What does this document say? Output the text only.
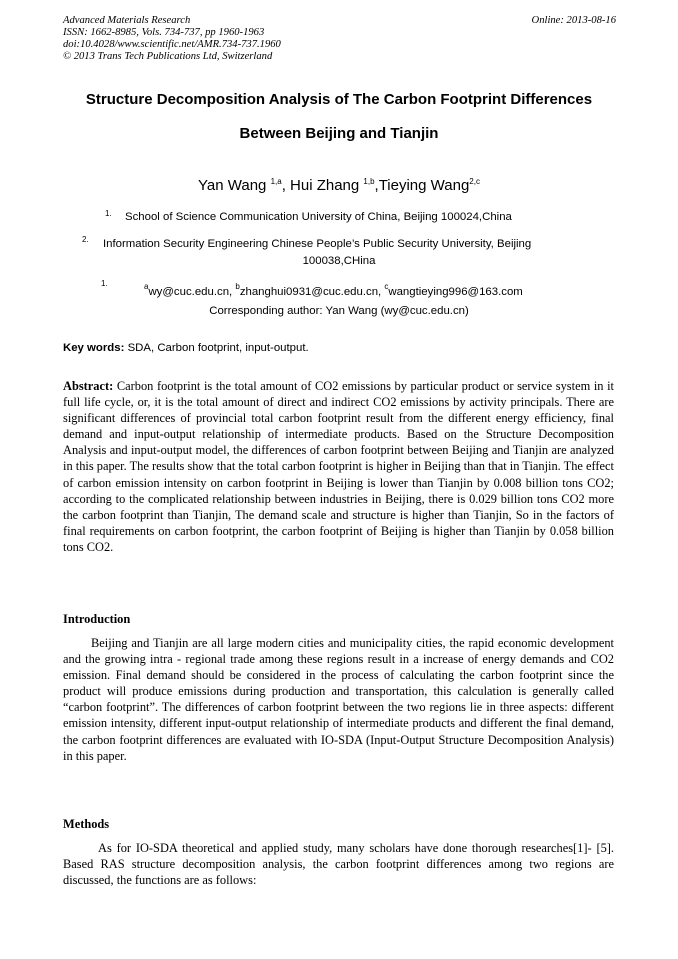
Advanced Materials Research
ISSN: 1662-8985, Vols. 734-737, pp 1960-1963
doi:10.4028/www.scientific.net/AMR.734-737.1960
© 2013 Trans Tech Publications Ltd, Switzerland
Online: 2013-08-16
Structure Decomposition Analysis of The Carbon Footprint Differences
Between Beijing and Tianjin
Yan Wang $^{1,a}$, Hui Zhang $^{1,b}$,Tieying Wang$^{2,c}$
1. School of Science Communication University of China, Beijing 100024,China
2. Information Security Engineering Chinese People’s Public Security University, Beijing
100038,CHina
1.	$^a$wy@cuc.edu.cn, $^b$zhanghui0931@cuc.edu.cn, $^c$wangtieying996@163.com
Corresponding author: Yan Wang (wy@cuc.edu.cn)
Key words: SDA, Carbon footprint, input-output.

Abstract: Carbon footprint is the total amount of CO2 emissions by particular product or service system in it full life cycle, or, it is the total amount of direct and indirect CO2 emissions by activity principals. There are significant differences of provincial total carbon footprint result from the different energy efficiency, final demand and input-output relationship of intermediate products. Based on the Structure Decomposition Analysis and input-output model, the differences of carbon footprint between Beijing and Tianjin are analyzed in this paper. The results show that the total carbon footprint is higher in Beijing than that in Tianjin. The effect of carbon emission intensity on carbon footprint in Beijing is lower than Tianjin by 0.008 billion tons CO2; according to the complicated relationship between industries in Beijing, there is 0.029 billion tons CO2 more the carbon footprint than Tianjin, The demand scale and structure is higher than Tianjin, So in the factors of final requirements on carbon footprint, the carbon footprint of Beijing is higher than Tianjin by 0.058 billion tons CO2.

Introduction

Beijing and Tianjin are all large modern cities and municipality cities, the rapid economic development and the growing intra - regional trade among these regions result in a increase of energy demands and CO2 emission. Final demand should be considered in the process of calculating the carbon footprint since the product will produce emissions during production and transportation, this calculation is generally called “carbon footprint”. The differences of carbon footprint between the two regions lie in three aspects: different emission intensity, different input-output relationship of intermediate products and different the final demand, the carbon footprint differences are evaluated with IO-SDA (Input-Output Structure Decomposition Analysis) in this paper.

Methods

As for IO-SDA theoretical and applied study, many scholars have done thorough researches[1]- [5]. Based RAS structure decomposition analysis, the carbon footprint differences among two regions are discussed, the functions are as follows:
